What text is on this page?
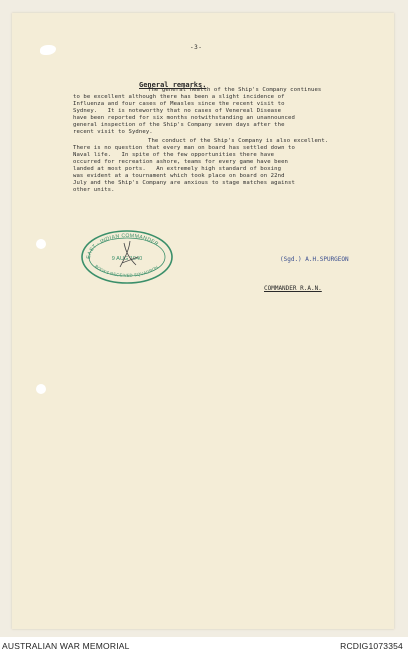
-3-
General remarks.
The general health of the Ship's Company continues
to be excellent although there has been a slight incidence of
Influenza and four cases of Measles since the recent visit to
Sydney.   It is noteworthy that no cases of Venereal Disease
have been reported for six months notwithstanding an unannounced
general inspection of the Ship's Company seven days after the
recent visit to Sydney.
The conduct of the Ship's Company is also excellent.
There is no question that every man on board has settled down to
Naval life.   In spite of the few opportunities there have
occurred for recreation ashore, teams for every game have been
landed at most ports.   An extremely high standard of boxing
was evident at a tournament which took place on board on 22nd
July and the Ship's Company are anxious to stage matches against
other units.
EAST - INDIAN COMMANDER
9 AUG 1940
BOOKS RECEIVED SQUADRON
(Sgd.) A.H.SPURGEON
COMMANDER R.A.N.
AUSTRALIAN WAR MEMORIAL	RCDIG1073354
